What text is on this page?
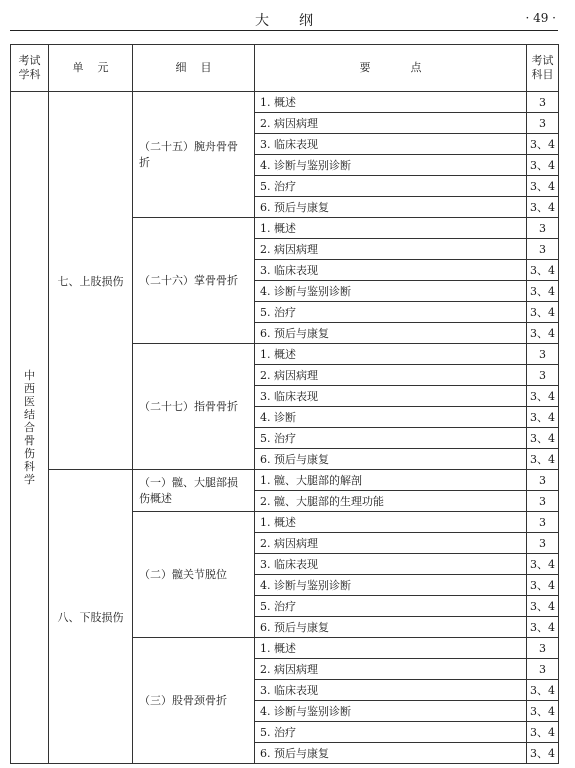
大纲	· 49 ·
考试学科	单元	细目	要点	考试科目
中西医结合骨伤科学	七、上肢损伤	（二十五）腕舟骨骨折	1. 概述	3
			2. 病因病理	3
			3. 临床表现	3、4
			4. 诊断与鉴别诊断	3、4
			5. 治疗	3、4
			6. 预后与康复	3、4
		（二十六）掌骨骨折	1. 概述	3
			2. 病因病理	3
			3. 临床表现	3、4
			4. 诊断与鉴别诊断	3、4
			5. 治疗	3、4
			6. 预后与康复	3、4
		（二十七）指骨骨折	1. 概述	3
			2. 病因病理	3
			3. 临床表现	3、4
			4. 诊断	3、4
			5. 治疗	3、4
			6. 预后与康复	3、4
	八、下肢损伤	（一）髋、大腿部损伤概述	1. 髋、大腿部的解剖	3
			2. 髋、大腿部的生理功能	3
		（二）髋关节脱位	1. 概述	3
			2. 病因病理	3
			3. 临床表现	3、4
			4. 诊断与鉴别诊断	3、4
			5. 治疗	3、4
			6. 预后与康复	3、4
		（三）股骨颈骨折	1. 概述	3
			2. 病因病理	3
			3. 临床表现	3、4
			4. 诊断与鉴别诊断	3、4
			5. 治疗	3、4
			6. 预后与康复	3、4
